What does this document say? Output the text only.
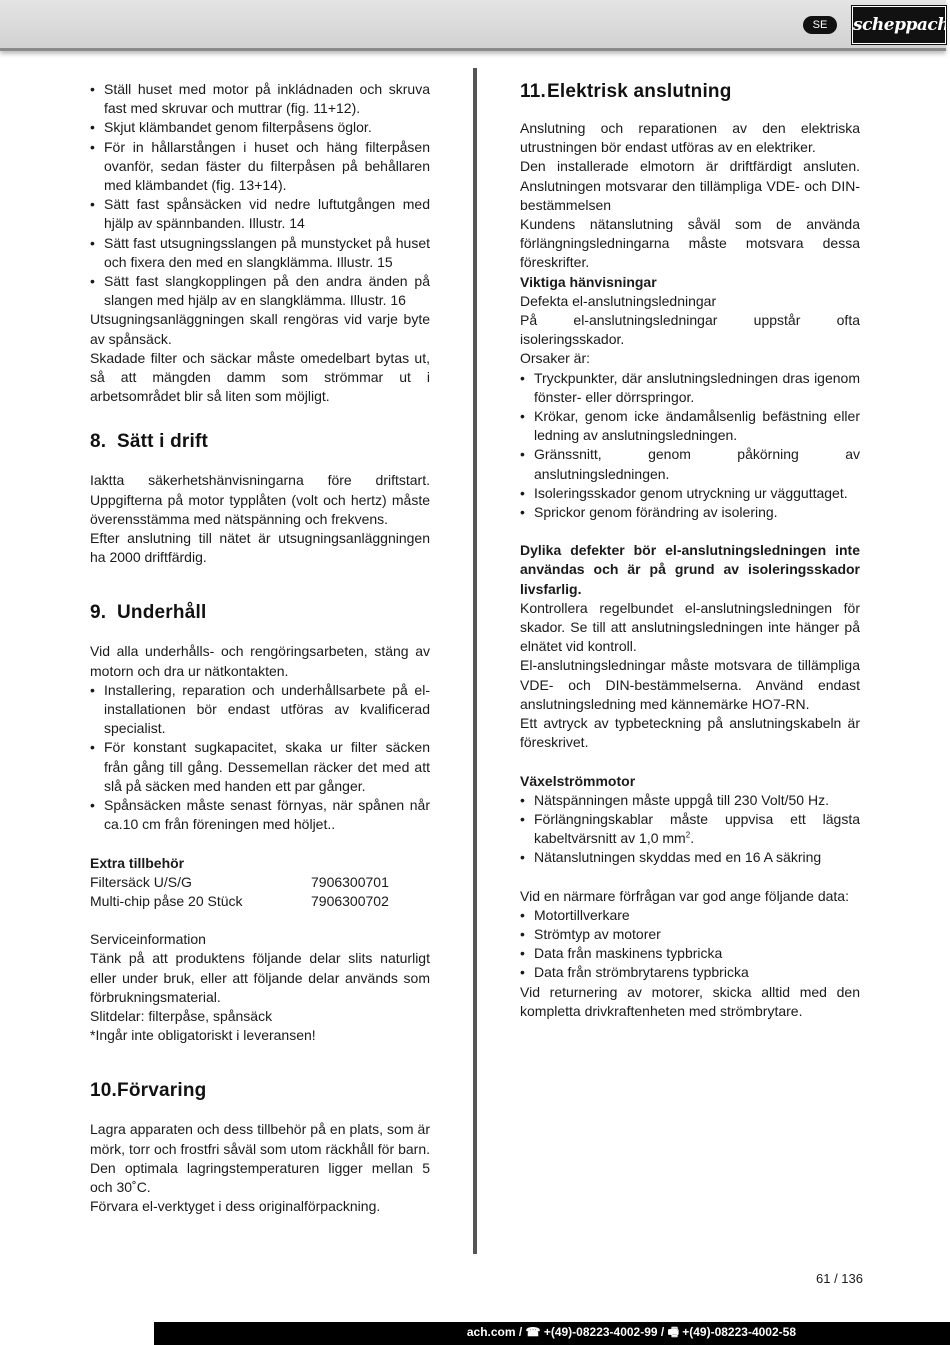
SE	scheppach
• Ställ huset med motor på inkládnaden och skruva fast med skruvar och muttrar (fig. 11+12).
• Skjut klämbandet genom filterpåsens öglor.
• För in hållarstången i huset och häng filterpåsen ovanför, sedan fäster du filterpåsen på behållaren med klämbandet (fig. 13+14).
• Sätt fast spånsäcken vid nedre luftutgången med hjälp av spännbanden. Illustr. 14
• Sätt fast utsugningsslangen på munstycket på huset och fixera den med en slangklämma. Illustr. 15
• Sätt fast slangkopplingen på den andra änden på slangen med hjälp av en slangklämma. Illustr. 16

Utsugningsanläggningen skall rengöras vid varje byte av spånsäck.

Skadade filter och säckar måste omedelbart bytas ut, så att mängden damm som strömmar ut i arbetsområdet blir så liten som möjligt.

8. Sätt i drift

Iaktta säkerhetshänvisningarna före driftstart. Uppgifterna på motor typplåten (volt och hertz) måste överensstämma med nätspänning och frekvens.

Efter anslutning till nätet är utsugningsanläggningen ha 2000 driftfärdig.

9. Underhåll

Vid alla underhålls- och rengöringsarbeten, stäng av motorn och dra ur nätkontakten.

• Installering, reparation och underhållsarbete på el-installationen bör endast utföras av kvalificerad specialist.
• För konstant sugkapacitet, skaka ur filter säcken från gång till gång. Dessemellan räcker det med att slå på säcken med handen ett par gånger.
• Spånsäcken måste senast förnyas, när spånen når ca.10 cm från föreningen med höljet..

Extra tillbehör

Filtersäck U/S/G	7906300701
Multi-chip påse 20 Stück	7906300702

Serviceinformation

Tänk på att produktens följande delar slits naturligt eller under bruk, eller att följande delar används som förbrukningsmaterial.

Slitdelar: filterpåse, spånsäck

*Ingår inte obligatoriskt i leveransen!

10.Förvaring

Lagra apparaten och dess tillbehör på en plats, som är mörk, torr och frostfri såväl som utom räckhåll för barn. Den optimala lagringstemperaturen ligger mellan 5 och 30˚C.

Förvara el-verktyget i dess originalförpackning.

11.Elektrisk anslutning

Anslutning och reparationen av den elektriska utrustningen bör endast utföras av en elektriker.

Den installerade elmotorn är driftfärdigt ansluten. Anslutningen motsvarar den tillämpliga VDE- och DIN-bestämmelsen

Kundens nätanslutning såväl som de använda förlängningsledningarna måste motsvara dessa föreskrifter.

Viktiga hänvisningar

Defekta el-anslutningsledningar

På el-anslutningsledningar uppstår ofta isoleringsskador.

Orsaker är:

• Tryckpunkter, där anslutningsledningen dras igenom fönster- eller dörrspringor.
• Krökar, genom icke ändamålsenlig befästning eller ledning av anslutningsledningen.
• Gränssnitt, genom påkörning av anslutningsledningen.
• Isoleringsskador genom utryckning ur vägguttaget.
• Sprickor genom förändring av isolering.

Dylika defekter bör el-anslutningsledningen inte användas och är på grund av isoleringsskador livsfarlig.

Kontrollera regelbundet el-anslutningsledningen för skador. Se till att anslutningsledningen inte hänger på elnätet vid kontroll.

El-anslutningsledningar måste motsvara de tillämpliga VDE- och DIN-bestämmelserna. Använd endast anslutningsledning med kännemärke HO7-RN.

Ett avtryck av typbeteckning på anslutningskabeln är föreskrivet.

Växelströmmotor

• Nätspänningen måste uppgå till 230 Volt/50 Hz.
• Förlängningskablar måste uppvisa ett lägsta kabeltvärsnitt av 1,0 $mm^2$.
• Nätanslutningen skyddas med en 16 A säkring

Vid en närmare förfrågan var god ange följande data:

• Motortillverkare
• Strömtyp av motorer
• Data från maskinens typbricka
• Data från strömbrytarens typbricka

Vid returnering av motorer, skicka alltid med den kompletta drivkraftenheten med strömbrytare.

61 / 136
ach.com / ☎ +(49)-08223-4002-99 / 🖷 +(49)-08223-4002-58
